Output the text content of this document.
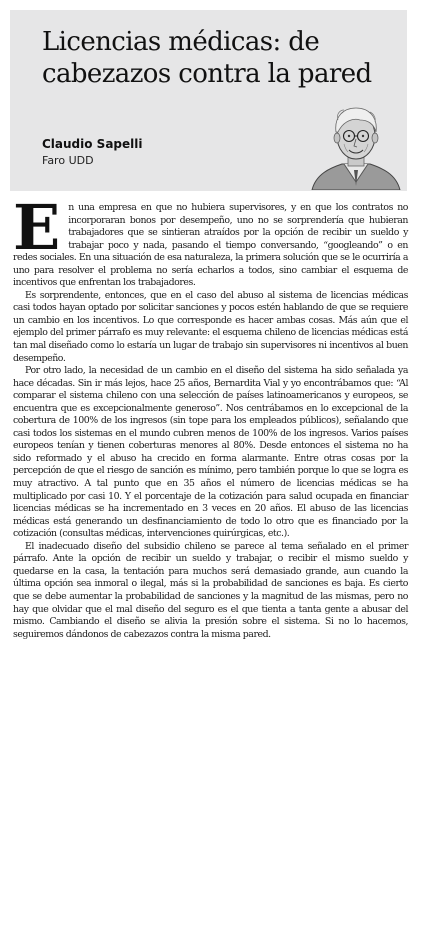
Licencias médicas: de cabezazos contra la pared
Claudio Sapelli
Faro UDD

En una empresa en que no hubiera supervisores, y en que los contratos no incorporaran bonos por desempeño, uno no se sorprendería que hubieran trabajadores que se sintieran atraídos por la opción de recibir un sueldo y trabajar poco y nada, pasando el tiempo conversando, “googleando” o en redes sociales. En una situación de esa naturaleza, la primera solución que se le ocurriría a uno para resolver el problema no sería echarlos a todos, sino cambiar el esquema de incentivos que enfrentan los trabajadores.

Es sorprendente, entonces, que en el caso del abuso al sistema de licencias médicas casi todos hayan optado por solicitar sanciones y pocos estén hablando de que se requiere un cambio en los incentivos. Lo que corresponde es hacer ambas cosas. Más aún que el ejemplo del primer párrafo es muy relevante: el esquema chileno de licencias médicas está tan mal diseñado como lo estaría un lugar de trabajo sin supervisores ni incentivos al buen desempeño.

Por otro lado, la necesidad de un cambio en el diseño del sistema ha sido señalada ya hace décadas. Sin ir más lejos, hace 25 años, Bernardita Vial y yo encontrábamos que: “Al comparar el sistema chileno con una selección de países latinoamericanos y europeos, se encuentra que es excepcionalmente generoso”. Nos centrábamos en lo excepcional de la cobertura de 100% de los ingresos (sin tope para los empleados públicos), señalando que casi todos los sistemas en el mundo cubren menos de 100% de los ingresos. Varios países europeos tenían y tienen coberturas menores al 80%. Desde entonces el sistema no ha sido reformado y el abuso ha crecido en forma alarmante. Entre otras cosas por la percepción de que el riesgo de sanción es mínimo, pero también porque lo que se logra es muy atractivo. A tal punto que en 35 años el número de licencias médicas se ha multiplicado por casi 10. Y el porcentaje de la cotización para salud ocupada en financiar licencias médicas se ha incrementado en 3 veces en 20 años. El abuso de las licencias médicas está generando un desfinanciamiento de todo lo otro que es financiado por la cotización (consultas médicas, intervenciones quirúrgicas, etc.).

El inadecuado diseño del subsidio chileno se parece al tema señalado en el primer párrafo. Ante la opción de recibir un sueldo y trabajar, o recibir el mismo sueldo y quedarse en la casa, la tentación para muchos será demasiado grande, aun cuando la última opción sea inmoral o ilegal, más si la probabilidad de sanciones es baja. Es cierto que se debe aumentar la probabilidad de sanciones y la magnitud de las mismas, pero no hay que olvidar que el mal diseño del seguro es el que tienta a tanta gente a abusar del mismo. Cambiando el diseño se alivia la presión sobre el sistema. Si no lo hacemos, seguiremos dándonos de cabezazos contra la misma pared.
